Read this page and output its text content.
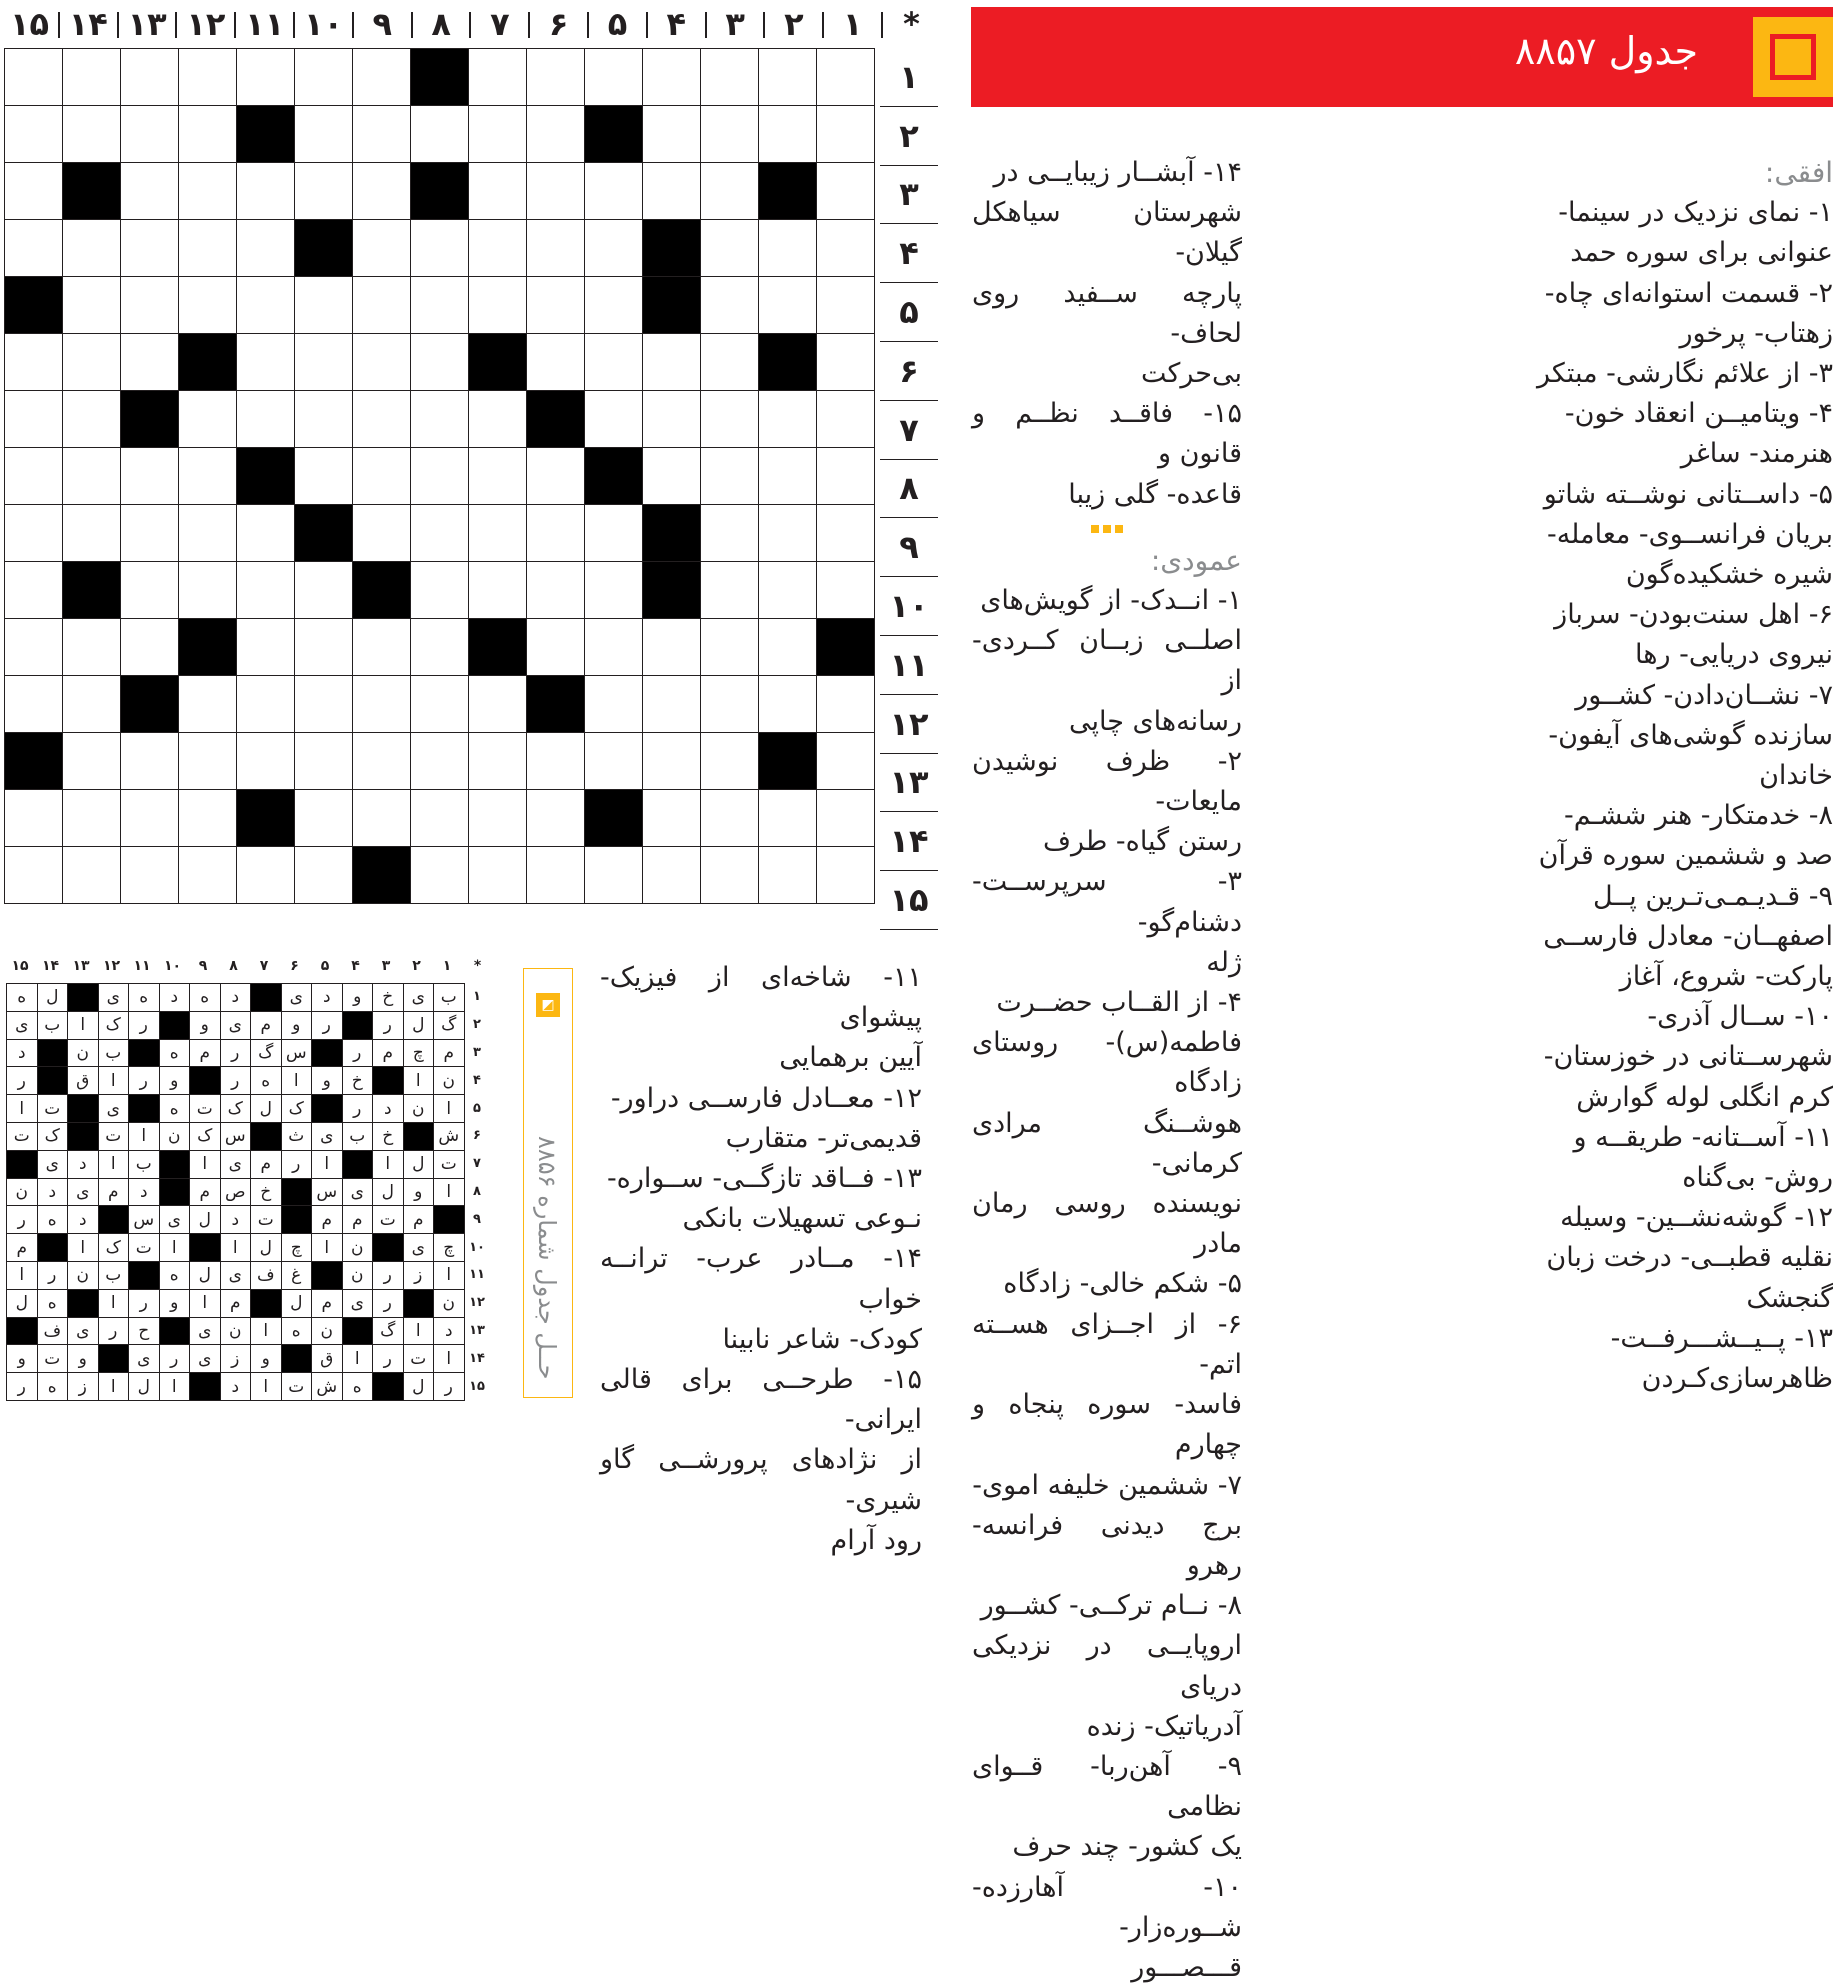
۱۵ ۱۴ ۱۳ ۱۲ ۱۱ ۱۰ ۹	۸	۷	۶	۵	۴	۳	۲	۱	*

۱
۲
۳
۴
۵
۶
۷
۸
۹
۱۰
۱۱
۱۲
۱۳
۱۴
۱۵
جدول ۸۸۵۷

افقی:

۱- نمای نزدیک در سینما-

عنوانی برای سوره حمد

۲- قسمت استوانه‌ای چاه-

زهتاب- پرخور

۳- از علائم نگارشی- مبتکر

۴- ویتامیــن انعقاد خون-

هنرمند- ساغر

۵- داســتانی نوشــته شاتو

بریان فرانســوی- معامله-

شیره خشکیده‌گون

۶- اهل سنت‌بودن- سرباز

نیروی دریایی- رها

۷- نشــان‌دادن- کشــور

سازنده گوشی‌های آیفون-

خاندان

۸- خدمتکار- هنر ششـم-

صد و ششمین سوره قرآن

۹- قـدیـمـی‌تـرین پــل

اصفهــان- معادل فارســی

پارکت- شروع، آغاز

۱۰- ســال آذری-

شهرســتانی در خوزستان-

کرم انگلی لوله گوارش

۱۱- آســتانه- طریقــه و

روش- بی‌گناه

۱۲- گوشه‌نشــین- وسیله

نقلیه قطبــی- درخت زبان

گنجشک

۱۳- پــیــشـــرفــت-

ظاهرسازی‌کـردن

۱۴- آبشــار زیبایــی در

شهرستان سیاهکل گیلان-

پارچه ســفید روی لحاف-

بی‌حرکت

۱۵- فاقــد نظــم و قانون و

قاعده- گلی زیبا

عمودی:

۱- انــدک- از گویش‌های

اصلــی زبــان کــردی- از

رسانه‌های چاپی

۲- ظرف نوشیدن مایعات-

رستن گیاه- طرف

۳- سرپرســت- دشنام‌گو-

ژله

۴- از القــاب حضــرت

فاطمه(س)- روستای زادگاه

هوشــنگ مرادی کرمانی-

نویسنده روسی رمان مادر

۵- شکم خالی- زادگاه

۶- از اجــزای هســته اتم-

فاسد- سوره پنجاه و چهارم

۷- ششمین خلیفه اموی-

برج دیدنی فرانسه- رهرو

۸- نــام ترکــی- کشــور

اروپایــی در نزدیکی دریای

آدریاتیک- زنده

۹- آهن‌ربا- قــوای نظامی

یک کشور- چند حرف

۱۰- آهارزده- شــوره‌زار-

قـــصـــور

۱۵ ۱۴ ۱۳ ۱۲ ۱۱ ۱۰	۹	۸	۷	۶	۵	۴	۳	۲	۱	*
ب	ی	خ	و	د	ی		د	ه	د	ه	ی		ل	ه
گ	ل	ر		ر	و	م	ی	و		ر	ک	ا	ب	ی
م	چ	م	ر		س	گ	ر	م	ه		ب	ن		د
ن	ا		خ	و	ا	ه	ر		و	ر	ا	ق		ر
ا	ن	د	ر		ک	ل	ک	ت	ه		ی		ت	ا
ش		خ	ب	ی	ث		س	ک	ن	ا	ت		ک	ت
ت	ل	ا		ا	ر	م	ی	ا		ب	ا	د	ی	
ا	و	ل	ی	س		خ	ص	م		د	م	ی	د	ن
	م	ت	م	م		ت	د	ل	ی	س		د	ه	ر
چ	ی		ن	ا	چ	ل	ا		ا	ت	ک	ا		م
ا	ز	ر	ن		غ	ف	ی	ل	ه		ب	ن	ر	ا
ن		ر	ی	م	ل		م	ا	و	ر	ا		ه	ل
د	ا	گ		ن	ه	ا	ن	ی		ح	ر	ی	ف	
ا	ت	ر	ا	ق		و	ز	ی	ر	ی		و	ت	و
ر	ل		ه	ش	ت	ا	د		ا	ل	ا	ز	ه	ر
۱
۲
۳
۴
۵
۶
۷
۸
۹
۱۰
۱۱
۱۲
۱۳
۱۴
۱۵
◩
حــل جدول شماره ۸۸۵۶

۱۱- شاخه‌ای از فیزیک- پیشوای

آیین برهمایی

۱۲- معــادل فارســی دراور-

قدیمی‌تر- متقارب

۱۳- فــاقد تازگــی- ســواره-

نـوعی تسهیلات بانکی

۱۴- مــادر عرب- ترانــه خواب

کودک- شاعر نابینا

۱۵- طرحــی برای قالی ایرانی-

از نژادهای پرورشــی گاو شیری-

رود آرام
